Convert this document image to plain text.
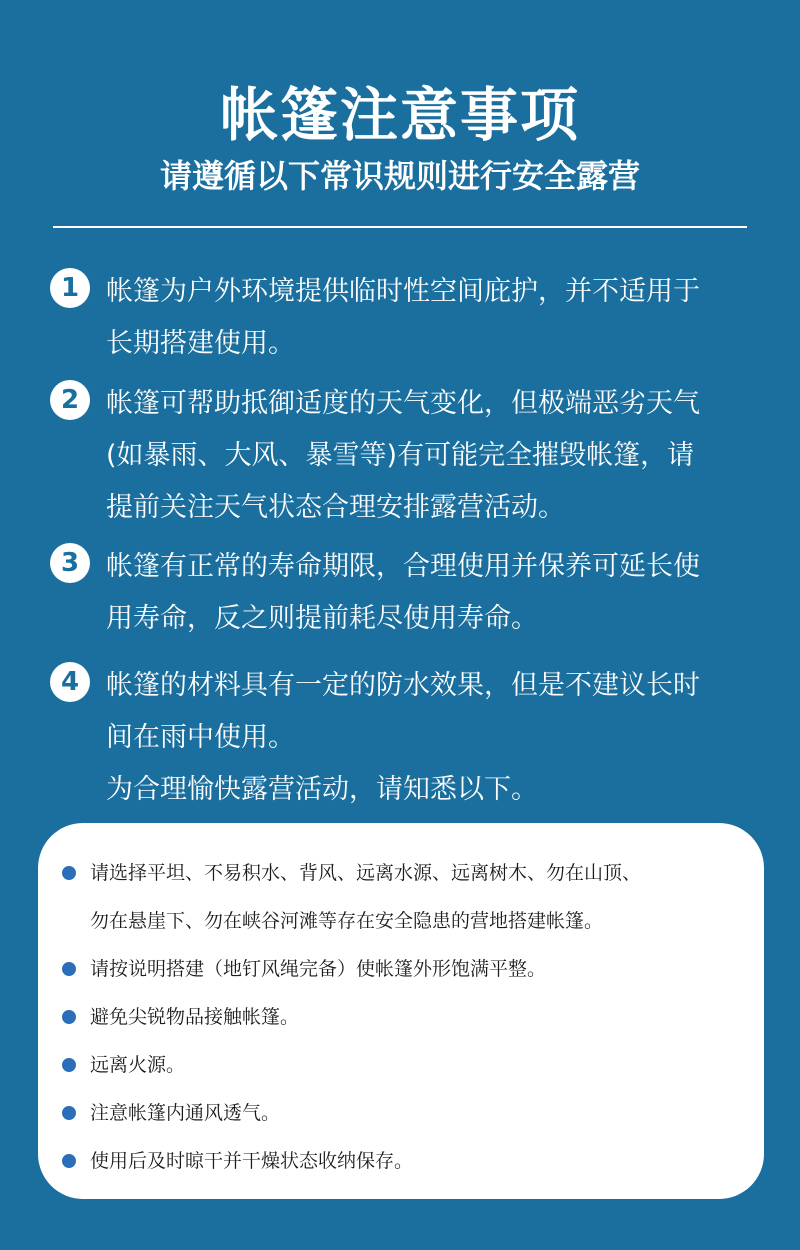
帐篷注意事项
请遵循以下常识规则进行安全露营
1 帐篷为户外环境提供临时性空间庇护，并不适用于

长期搭建使用。

2 帐篷可帮助抵御适度的天气变化，但极端恶劣天气

(如暴雨、大风、暴雪等)有可能完全摧毁帐篷，请

提前关注天气状态合理安排露营活动。

3 帐篷有正常的寿命期限，合理使用并保养可延长使

用寿命，反之则提前耗尽使用寿命。

4 帐篷的材料具有一定的防水效果，但是不建议长时

间在雨中使用。

为合理愉快露营活动，请知悉以下。

请选择平坦、不易积水、背风、远离水源、远离树木、勿在山顶、
勿在悬崖下、勿在峡谷河滩等存在安全隐患的营地搭建帐篷。
请按说明搭建（地钉风绳完备）使帐篷外形饱满平整。
避免尖锐物品接触帐篷。
远离火源。
注意帐篷内通风透气。
使用后及时晾干并干燥状态收纳保存。
